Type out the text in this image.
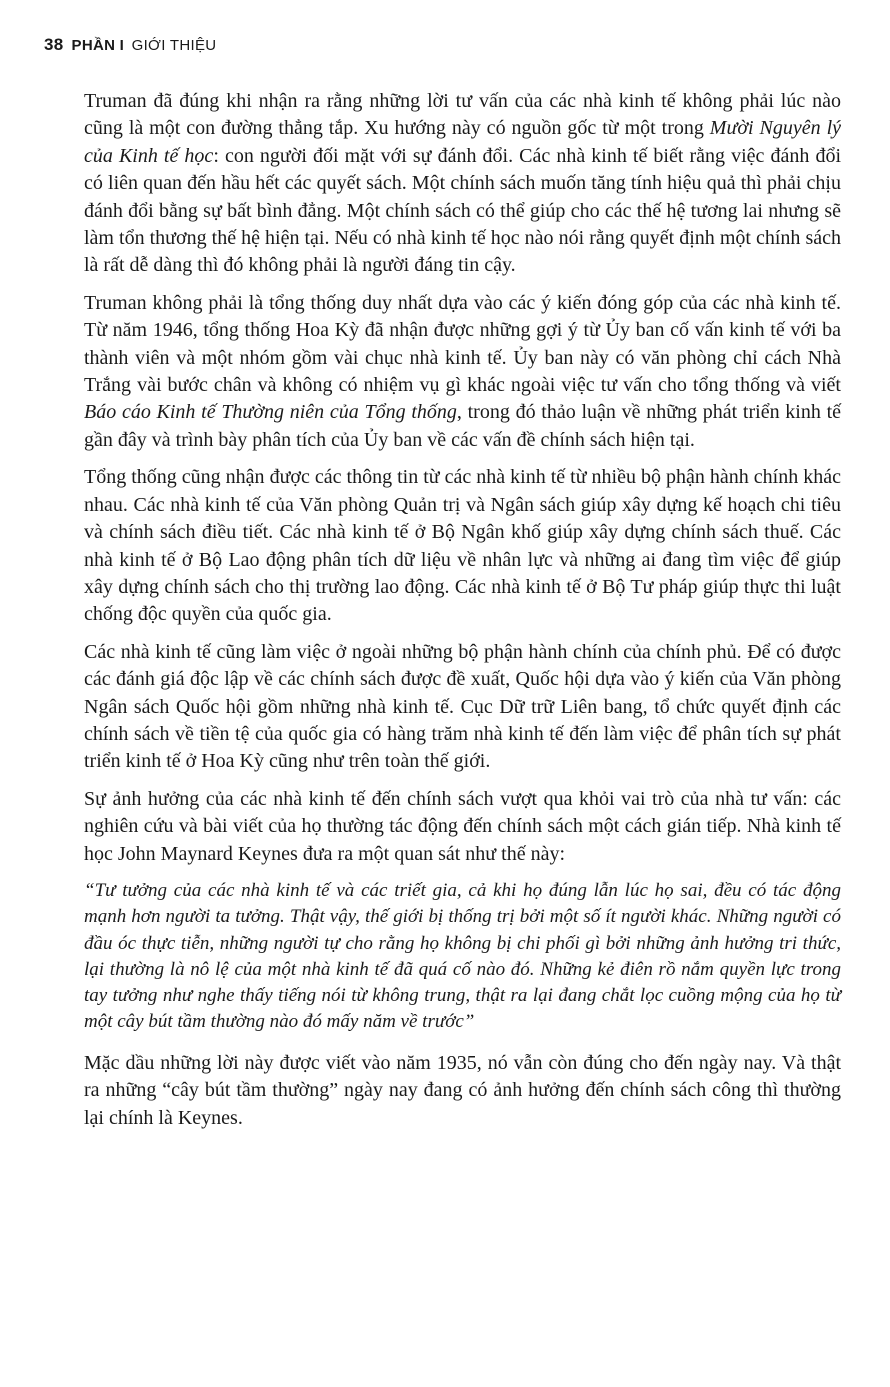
38 PHẦN I GIỚI THIỆU

Truman đã đúng khi nhận ra rằng những lời tư vấn của các nhà kinh tế không phải lúc nào cũng là một con đường thẳng tắp. Xu hướng này có nguồn gốc từ một trong Mười Nguyên lý của Kinh tế học: con người đối mặt với sự đánh đổi. Các nhà kinh tế biết rằng việc đánh đổi có liên quan đến hầu hết các quyết sách. Một chính sách muốn tăng tính hiệu quả thì phải chịu đánh đổi bằng sự bất bình đẳng. Một chính sách có thể giúp cho các thế hệ tương lai nhưng sẽ làm tổn thương thế hệ hiện tại. Nếu có nhà kinh tế học nào nói rằng quyết định một chính sách là rất dễ dàng thì đó không phải là người đáng tin cậy.

Truman không phải là tổng thống duy nhất dựa vào các ý kiến đóng góp của các nhà kinh tế. Từ năm 1946, tổng thống Hoa Kỳ đã nhận được những gợi ý từ Ủy ban cố vấn kinh tế với ba thành viên và một nhóm gồm vài chục nhà kinh tế. Ủy ban này có văn phòng chỉ cách Nhà Trắng vài bước chân và không có nhiệm vụ gì khác ngoài việc tư vấn cho tổng thống và viết Báo cáo Kinh tế Thường niên của Tổng thống, trong đó thảo luận về những phát triển kinh tế gần đây và trình bày phân tích của Ủy ban về các vấn đề chính sách hiện tại.

Tổng thống cũng nhận được các thông tin từ các nhà kinh tế từ nhiều bộ phận hành chính khác nhau. Các nhà kinh tế của Văn phòng Quản trị và Ngân sách giúp xây dựng kế hoạch chi tiêu và chính sách điều tiết. Các nhà kinh tế ở Bộ Ngân khố giúp xây dựng chính sách thuế. Các nhà kinh tế ở Bộ Lao động phân tích dữ liệu về nhân lực và những ai đang tìm việc để giúp xây dựng chính sách cho thị trường lao động. Các nhà kinh tế ở Bộ Tư pháp giúp thực thi luật chống độc quyền của quốc gia.

Các nhà kinh tế cũng làm việc ở ngoài những bộ phận hành chính của chính phủ. Để có được các đánh giá độc lập về các chính sách được đề xuất, Quốc hội dựa vào ý kiến của Văn phòng Ngân sách Quốc hội gồm những nhà kinh tế. Cục Dữ trữ Liên bang, tổ chức quyết định các chính sách về tiền tệ của quốc gia có hàng trăm nhà kinh tế đến làm việc để phân tích sự phát triển kinh tế ở Hoa Kỳ cũng như trên toàn thế giới.

Sự ảnh hưởng của các nhà kinh tế đến chính sách vượt qua khỏi vai trò của nhà tư vấn: các nghiên cứu và bài viết của họ thường tác động đến chính sách một cách gián tiếp. Nhà kinh tế học John Maynard Keynes đưa ra một quan sát như thế này:

“Tư tưởng của các nhà kinh tế và các triết gia, cả khi họ đúng lẫn lúc họ sai, đều có tác động mạnh hơn người ta tưởng. Thật vậy, thế giới bị thống trị bởi một số ít người khác. Những người có đầu óc thực tiễn, những người tự cho rằng họ không bị chi phối gì bởi những ảnh hưởng tri thức, lại thường là nô lệ của một nhà kinh tế đã quá cố nào đó. Những kẻ điên rồ nắm quyền lực trong tay tưởng như nghe thấy tiếng nói từ không trung, thật ra lại đang chắt lọc cuồng mộng của họ từ một cây bút tầm thường nào đó mấy năm về trước”

Mặc dầu những lời này được viết vào năm 1935, nó vẫn còn đúng cho đến ngày nay. Và thật ra những “cây bút tầm thường” ngày nay đang có ảnh hưởng đến chính sách công thì thường lại chính là Keynes.
